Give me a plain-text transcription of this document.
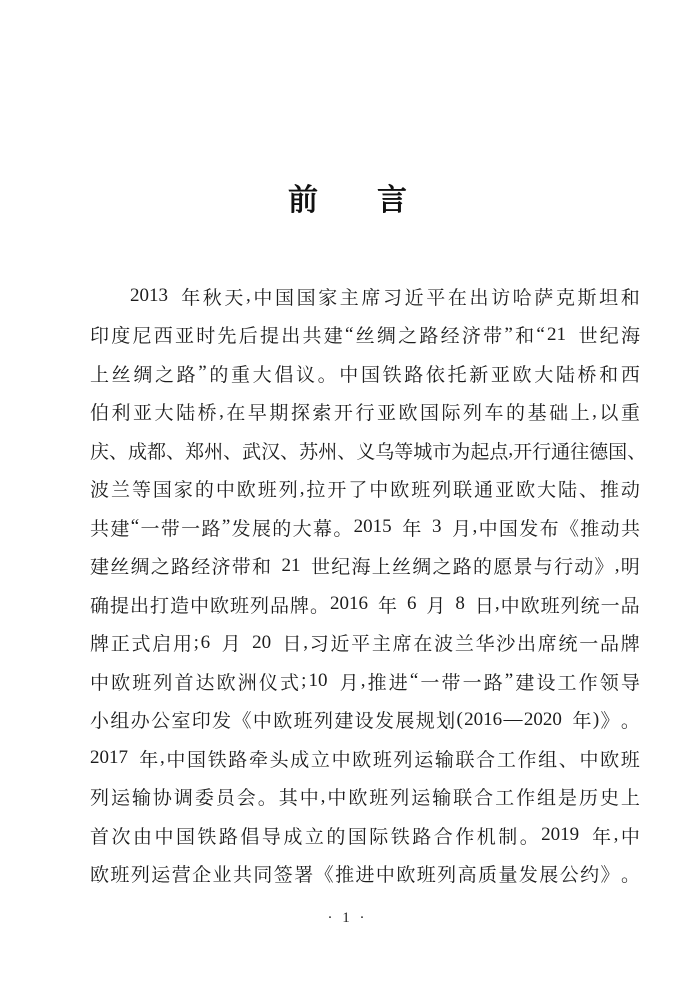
前 言
2013
年 秋 天 , 中 国 国 家 主 席 习 近 平 在 出 访 哈 萨 克 斯 坦 和
印 度 尼 西 亚 时 先 后 提 出 共 建 “ 丝 绸 之 路 经 济 带 ” 和 “ 21
世 纪 海
上 丝 绸 之 路 ” 的 重 大 倡 议 。 中 国 铁 路 依 托 新 亚 欧 大 陆 桥 和 西
伯 利 亚 大 陆 桥 , 在 早 期 探 索 开 行 亚 欧 国 际 列 车 的 基 础 上 , 以 重
庆 、 成 都 、 郑 州 、 武 汉 、 苏 州 、 义 乌 等 城 市 为 起 点 , 开 行 通 往 德 国 、
波 兰 等 国 家 的 中 欧 班 列 , 拉 开 了 中 欧 班 列 联 通 亚 欧 大 陆 、 推 动
共 建 “ 一 带 一 路 ” 发 展 的 大 幕 。 2015
年
3
月 , 中 国 发 布 《 推 动 共
建 丝 绸 之 路 经 济 带 和
21
世 纪 海 上 丝 绸 之 路 的 愿 景 与 行 动 》 , 明
确 提 出 打 造 中 欧 班 列 品 牌 。 2016
年
6
月
8
日 , 中 欧 班 列 统 一 品
牌 正 式 启 用 ; 6
月
20
日 , 习 近 平 主 席 在 波 兰 华 沙 出 席 统 一 品 牌
中 欧 班 列 首 达 欧 洲 仪 式 ; 10
月 , 推 进 “ 一 带 一 路 ” 建 设 工 作 领 导
小 组 办 公 室 印 发 《 中 欧 班 列 建 设 发 展 规 划 ( 2016 — 2020
年 ) 》 。
2017
年 , 中 国 铁 路 牵 头 成 立 中 欧 班 列 运 输 联 合 工 作 组 、 中 欧 班
列 运 输 协 调 委 员 会 。 其 中 , 中 欧 班 列 运 输 联 合 工 作 组 是 历 史 上
首 次 由 中 国 铁 路 倡 导 成 立 的 国 际 铁 路 合 作 机 制 。 2019
年 , 中
欧 班 列 运 营 企 业 共 同 签 署 《 推 进 中 欧 班 列 高 质 量 发 展 公 约 》 。
· 1 ·
